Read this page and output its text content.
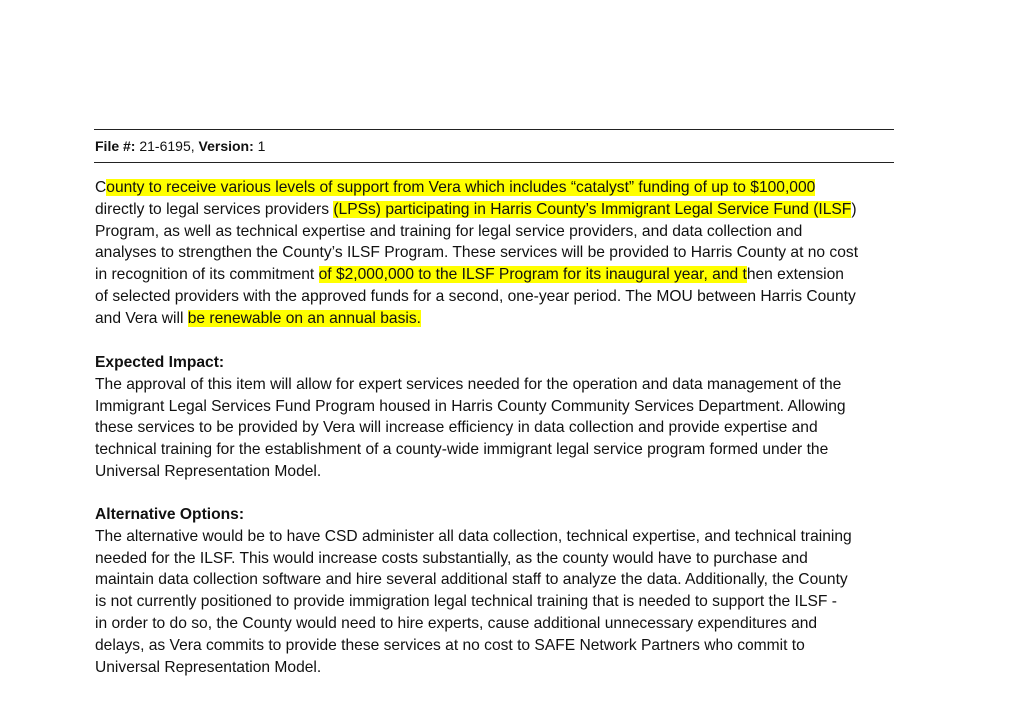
File #: 21-6195, Version: 1
County to receive various levels of support from Vera which includes “catalyst” funding of up to $100,000
directly to legal services providers (LPSs) participating in Harris County’s Immigrant Legal Service Fund (ILSF)
Program, as well as technical expertise and training for legal service providers, and data collection and
analyses to strengthen the County’s ILSF Program. These services will be provided to Harris County at no cost
in recognition of its commitment of $2,000,000 to the ILSF Program for its inaugural year, and then extension
of selected providers with the approved funds for a second, one-year period. The MOU between Harris County
and Vera will be renewable on an annual basis.
Expected Impact:
The approval of this item will allow for expert services needed for the operation and data management of the
Immigrant Legal Services Fund Program housed in Harris County Community Services Department. Allowing
these services to be provided by Vera will increase efficiency in data collection and provide expertise and
technical training for the establishment of a county-wide immigrant legal service program formed under the
Universal Representation Model.
Alternative Options:
The alternative would be to have CSD administer all data collection, technical expertise, and technical training
needed for the ILSF. This would increase costs substantially, as the county would have to purchase and
maintain data collection software and hire several additional staff to analyze the data. Additionally, the County
is not currently positioned to provide immigration legal technical training that is needed to support the ILSF -
in order to do so, the County would need to hire experts, cause additional unnecessary expenditures and
delays, as Vera commits to provide these services at no cost to SAFE Network Partners who commit to
Universal Representation Model.
